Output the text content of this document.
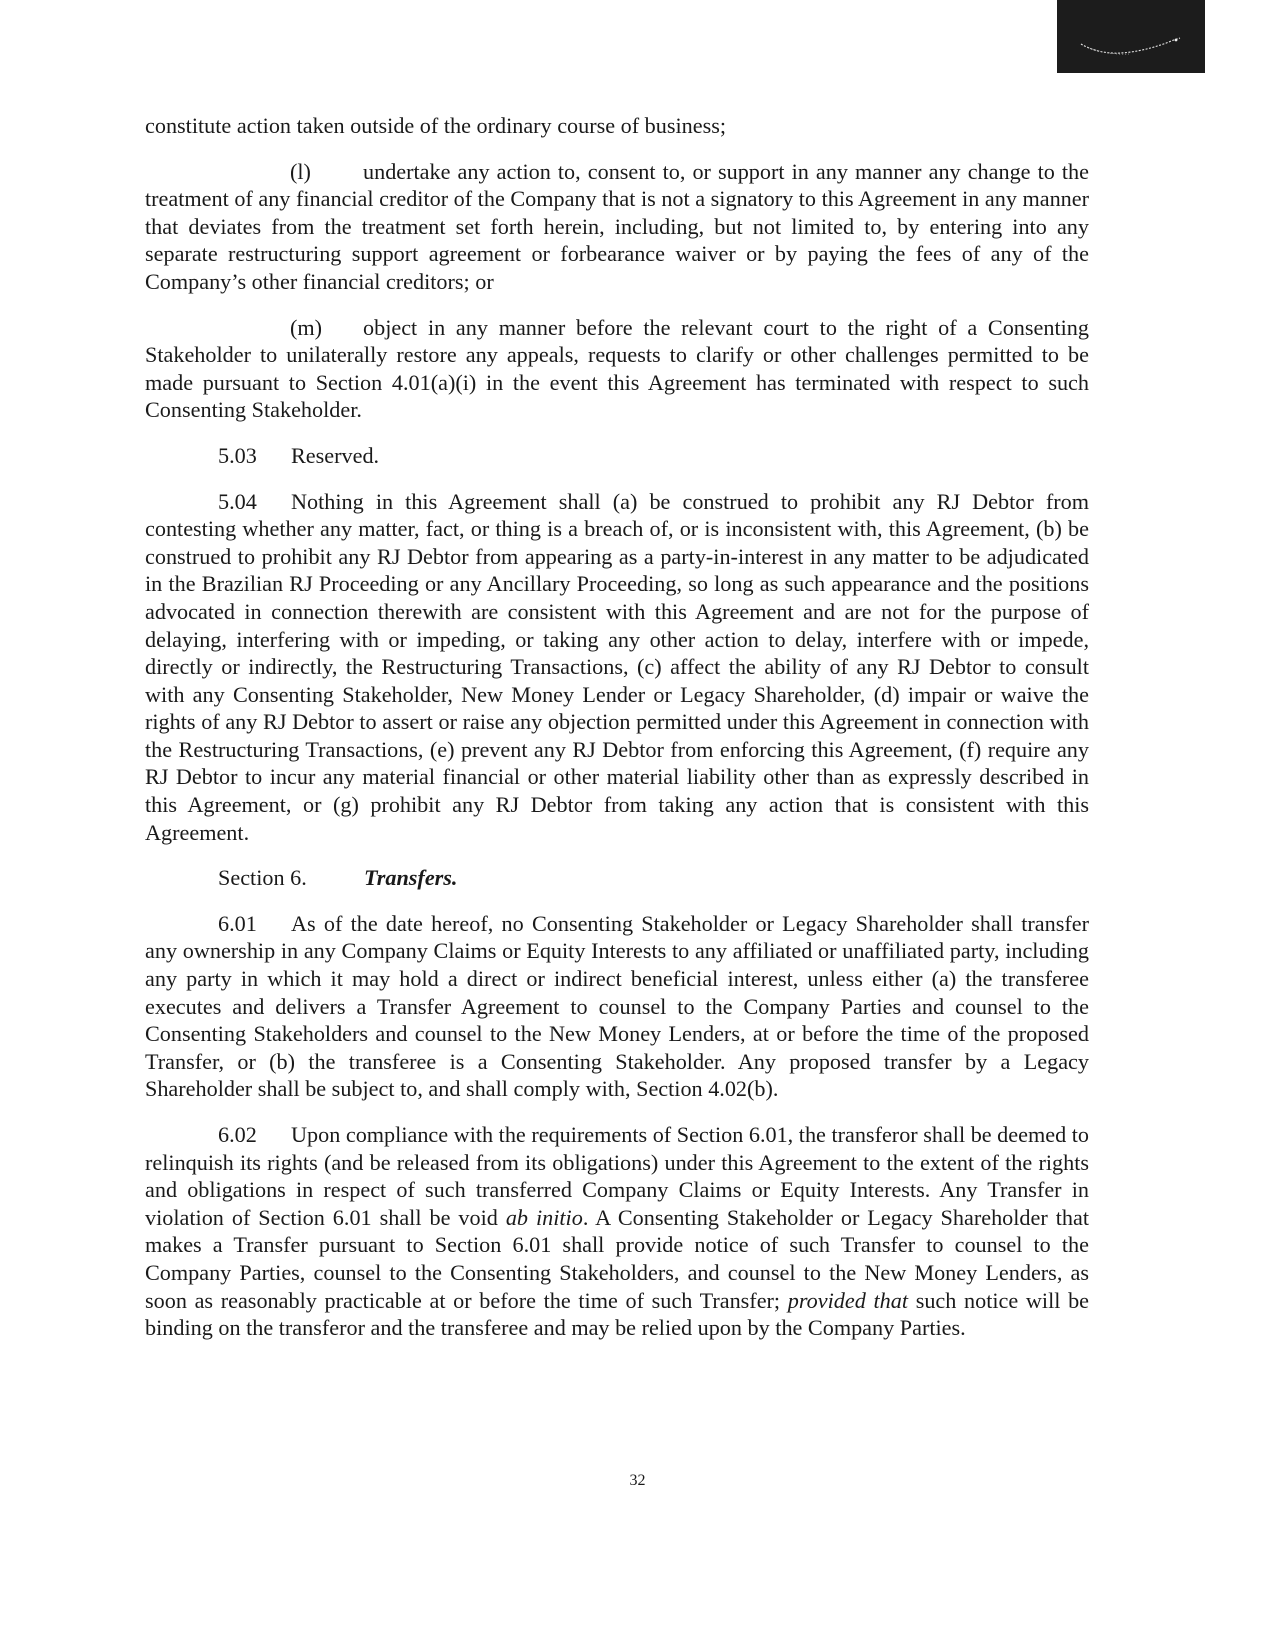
constitute action taken outside of the ordinary course of business;

(l) undertake any action to, consent to, or support in any manner any change to the treatment of any financial creditor of the Company that is not a signatory to this Agreement in any manner that deviates from the treatment set forth herein, including, but not limited to, by entering into any separate restructuring support agreement or forbearance waiver or by paying the fees of any of the Company’s other financial creditors; or

(m) object in any manner before the relevant court to the right of a Consenting Stakeholder to unilaterally restore any appeals, requests to clarify or other challenges permitted to be made pursuant to Section 4.01(a)(i) in the event this Agreement has terminated with respect to such Consenting Stakeholder.

5.03 Reserved.

5.04 Nothing in this Agreement shall (a) be construed to prohibit any RJ Debtor from contesting whether any matter, fact, or thing is a breach of, or is inconsistent with, this Agreement, (b) be construed to prohibit any RJ Debtor from appearing as a party-in-interest in any matter to be adjudicated in the Brazilian RJ Proceeding or any Ancillary Proceeding, so long as such appearance and the positions advocated in connection therewith are consistent with this Agreement and are not for the purpose of delaying, interfering with or impeding, or taking any other action to delay, interfere with or impede, directly or indirectly, the Restructuring Transactions, (c) affect the ability of any RJ Debtor to consult with any Consenting Stakeholder, New Money Lender or Legacy Shareholder, (d) impair or waive the rights of any RJ Debtor to assert or raise any objection permitted under this Agreement in connection with the Restructuring Transactions, (e) prevent any RJ Debtor from enforcing this Agreement, (f) require any RJ Debtor to incur any material financial or other material liability other than as expressly described in this Agreement, or (g) prohibit any RJ Debtor from taking any action that is consistent with this Agreement.

Section 6.	Transfers.

6.01 As of the date hereof, no Consenting Stakeholder or Legacy Shareholder shall transfer any ownership in any Company Claims or Equity Interests to any affiliated or unaffiliated party, including any party in which it may hold a direct or indirect beneficial interest, unless either (a) the transferee executes and delivers a Transfer Agreement to counsel to the Company Parties and counsel to the Consenting Stakeholders and counsel to the New Money Lenders, at or before the time of the proposed Transfer, or (b) the transferee is a Consenting Stakeholder. Any proposed transfer by a Legacy Shareholder shall be subject to, and shall comply with, Section 4.02(b).

6.02 Upon compliance with the requirements of Section 6.01, the transferor shall be deemed to relinquish its rights (and be released from its obligations) under this Agreement to the extent of the rights and obligations in respect of such transferred Company Claims or Equity Interests. Any Transfer in violation of Section 6.01 shall be void ab initio. A Consenting Stakeholder or Legacy Shareholder that makes a Transfer pursuant to Section 6.01 shall provide notice of such Transfer to counsel to the Company Parties, counsel to the Consenting Stakeholders, and counsel to the New Money Lenders, as soon as reasonably practicable at or before the time of such Transfer; provided that such notice will be binding on the transferor and the transferee and may be relied upon by the Company Parties.

32
